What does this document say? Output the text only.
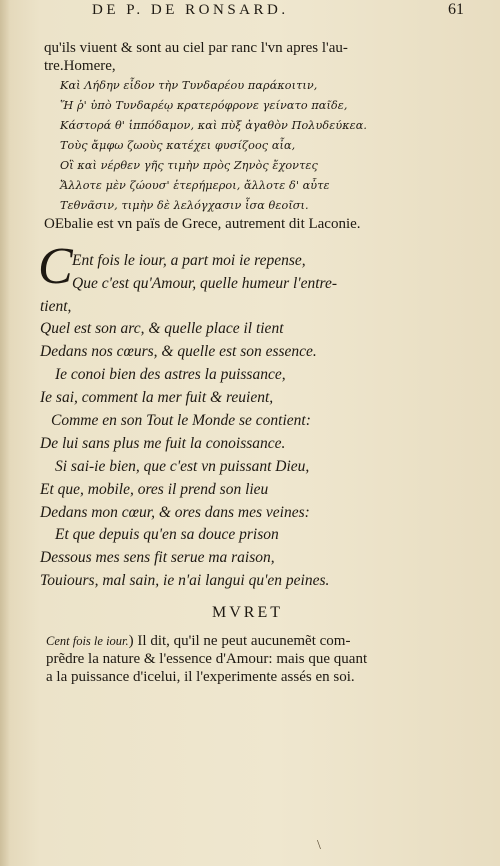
DE P. DE RONSARD.	61
qu'ils viuent & sont au ciel par ranc l'vn apres l'au-
tre.Homere,
Καὶ Λήδην εἶδον τὴν Τυνδαρέου παράκοιτιν,
Ἥ ῥ' ὑπὸ Τυνδαρέῳ κρατερόφρονε γείνατο παῖδε,
Κάστορά θ' ἱππόδαμον, καὶ πὺξ ἀγαθὸν Πολυδεύκεα.
Τοὺς ἄμφω ζωοὺς κατέχει φυσίζοος αἶα,
Οἳ καὶ νέρθεν γῆς τιμὴν πρὸς Ζηνὸς ἔχοντες
Ἄλλοτε μὲν ζώουσ' ἑτερήμεροι, ἄλλοτε δ' αὖτε
Τεθνᾶσιν, τιμὴν δὲ λελόγχασιν ἶσα θεοῖσι.
OEbalie est vn païs de Grece, autrement dit Laconie.
C Ent fois le iour, a part moi ie repense,
Que c'est qu'Amour, quelle humeur l'entre-
tient,
Quel est son arc, & quelle place il tient
Dedans nos cœurs, & quelle est son essence.
Ie conoi bien des astres la puissance,
Ie sai, comment la mer fuit & reuient,
Comme en son Tout le Monde se contient:
De lui sans plus me fuit la conoissance.
Si sai-ie bien, que c'est vn puissant Dieu,
Et que, mobile, ores il prend son lieu
Dedans mon cœur, & ores dans mes veines:
Et que depuis qu'en sa douce prison
Dessous mes sens fit serue ma raison,
Touiours, mal sain, ie n'ai langui qu'en peines.
MVRET
Cent fois le iour.) Il dit, qu'il ne peut aucunemẽt com-
prẽdre la nature & l'essence d'Amour: mais que quant
a la puissance d'icelui, il l'experimente assés en soi.
\
